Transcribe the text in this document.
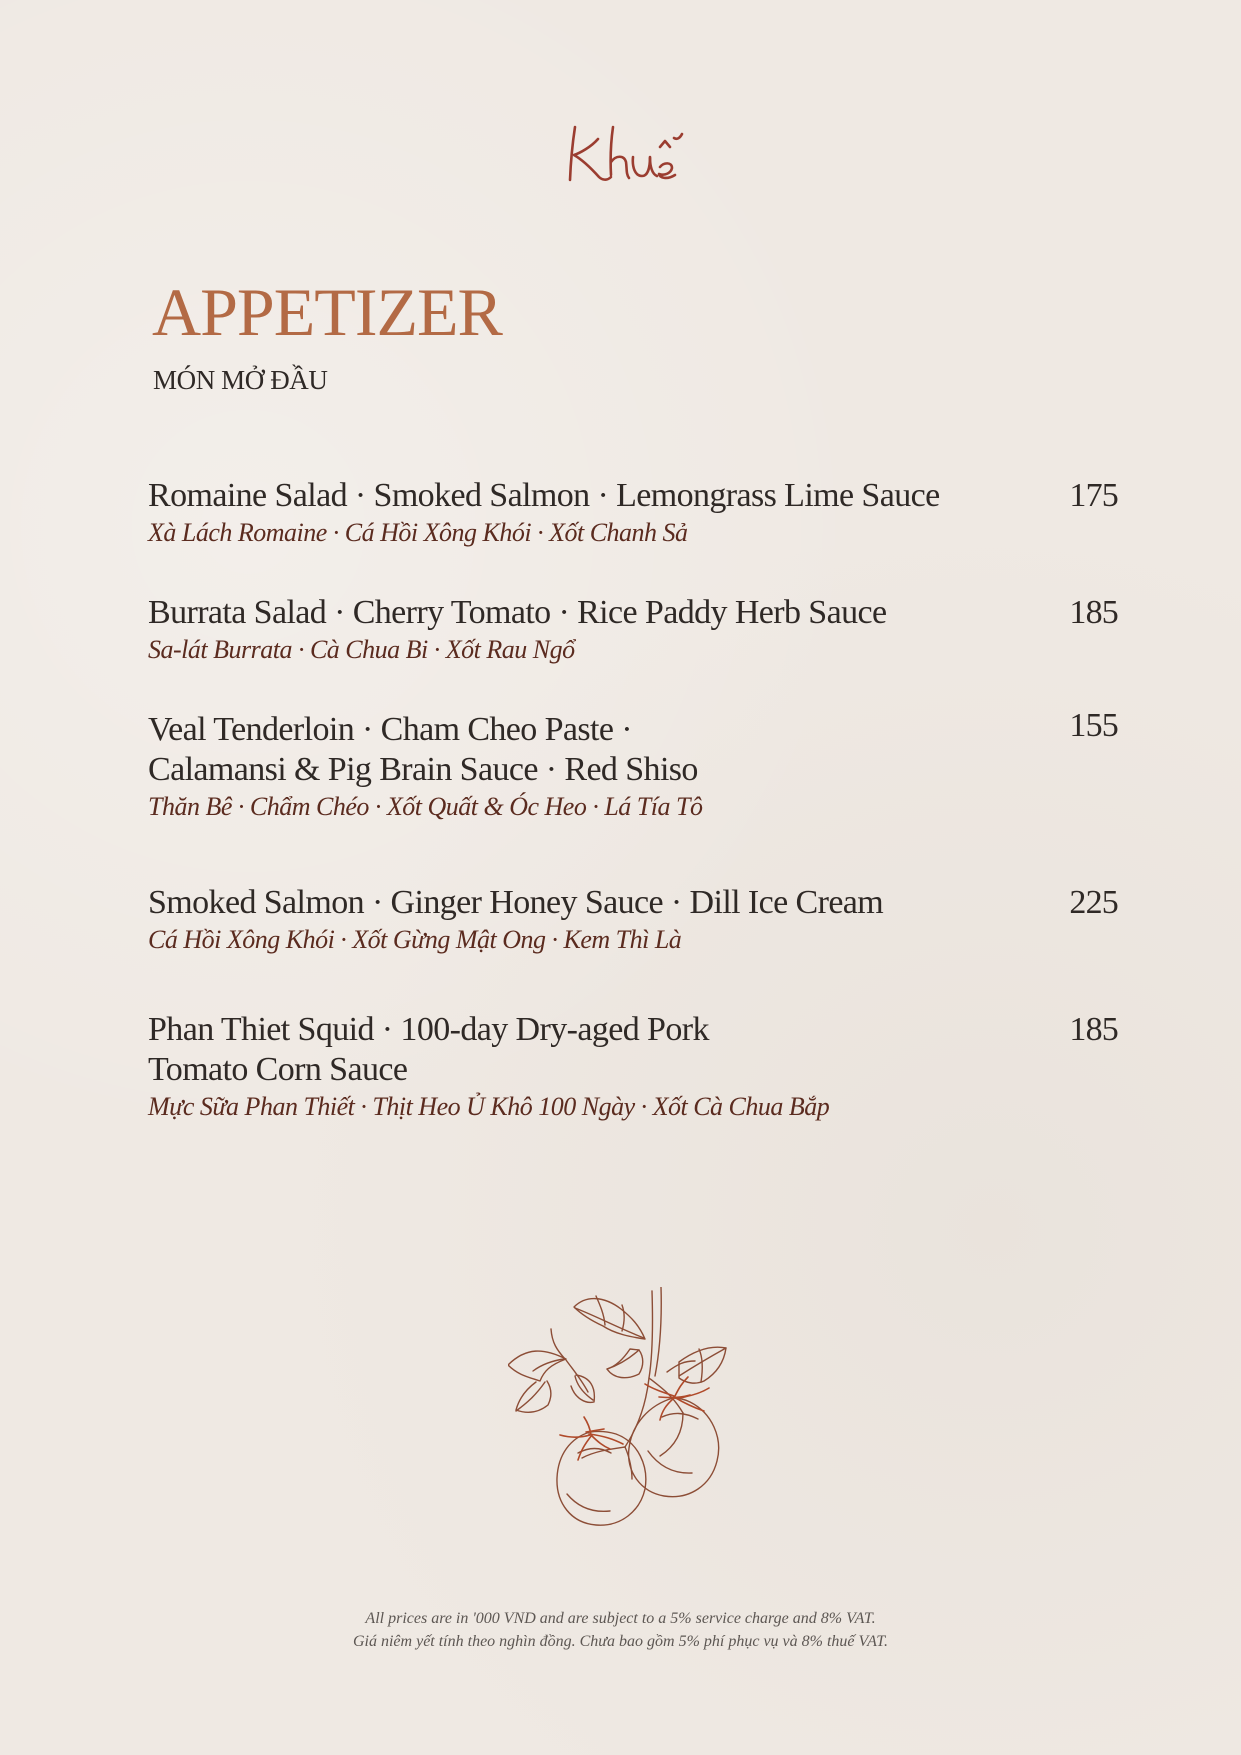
APPETIZER
MÓN MỞ ĐẦU
Romaine Salad · Smoked Salmon · Lemongrass Lime Sauce
Xà Lách Romaine · Cá Hồi Xông Khói · Xốt Chanh Sả
175
Burrata Salad · Cherry Tomato · Rice Paddy Herb Sauce
Sa-lát Burrata · Cà Chua Bi · Xốt Rau Ngổ
185
Veal Tenderloin · Cham Cheo Paste ·
Calamansi & Pig Brain Sauce · Red Shiso
Thăn Bê · Chẩm Chéo · Xốt Quất & Óc Heo · Lá Tía Tô
155
Smoked Salmon · Ginger Honey Sauce · Dill Ice Cream
Cá Hồi Xông Khói · Xốt Gừng Mật Ong · Kem Thì Là
225
Phan Thiet Squid · 100-day Dry-aged Pork
Tomato Corn Sauce
Mực Sữa Phan Thiết · Thịt Heo Ủ Khô 100 Ngày · Xốt Cà Chua Bắp
185
All prices are in '000 VND and are subject to a 5% service charge and 8% VAT.
Giá niêm yết tính theo nghìn đồng. Chưa bao gồm 5% phí phục vụ và 8% thuế VAT.
